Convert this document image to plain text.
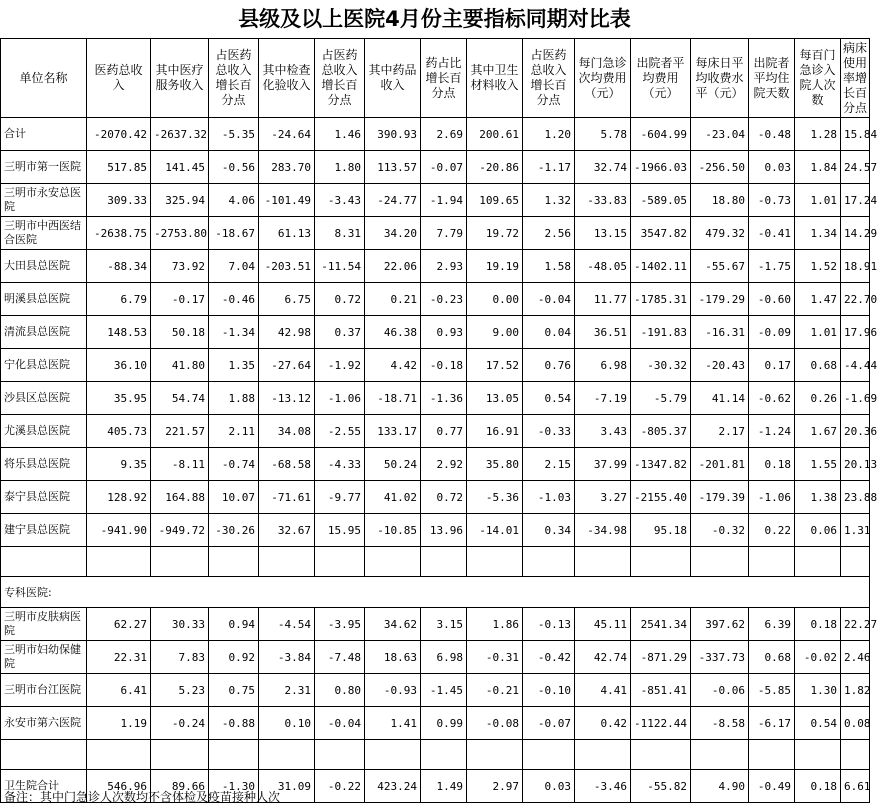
县级及以上医院4月份主要指标同期对比表
单位名称	医药总收入	其中医疗服务收入	占医药总收入增长百分点	其中检查化验收入	占医药总收入增长百分点	其中药品收入	药占比增长百分点	其中卫生材料收入	占医药总收入增长百分点	每门急诊次均费用（元）	出院者平均费用（元）	每床日平均收费水平（元）	出院者平均住院天数	每百门急诊入院人次数	病床使用率增长百分点
合计	-2070.42	-2637.32	-5.35	-24.64	1.46	390.93	2.69	200.61	1.20	5.78	-604.99	-23.04	-0.48	1.28	15.84
三明市第一医院	517.85	141.45	-0.56	283.70	1.80	113.57	-0.07	-20.86	-1.17	32.74	-1966.03	-256.50	0.03	1.84	24.57
三明市永安总医院	309.33	325.94	4.06	-101.49	-3.43	-24.77	-1.94	109.65	1.32	-33.83	-589.05	18.80	-0.73	1.01	17.24
三明市中西医结合医院	-2638.75	-2753.80	-18.67	61.13	8.31	34.20	7.79	19.72	2.56	13.15	3547.82	479.32	-0.41	1.34	14.29
大田县总医院	-88.34	73.92	7.04	-203.51	-11.54	22.06	2.93	19.19	1.58	-48.05	-1402.11	-55.67	-1.75	1.52	18.91
明溪县总医院	6.79	-0.17	-0.46	6.75	0.72	0.21	-0.23	0.00	-0.04	11.77	-1785.31	-179.29	-0.60	1.47	22.70
清流县总医院	148.53	50.18	-1.34	42.98	0.37	46.38	0.93	9.00	0.04	36.51	-191.83	-16.31	-0.09	1.01	17.96
宁化县总医院	36.10	41.80	1.35	-27.64	-1.92	4.42	-0.18	17.52	0.76	6.98	-30.32	-20.43	0.17	0.68	-4.44
沙县区总医院	35.95	54.74	1.88	-13.12	-1.06	-18.71	-1.36	13.05	0.54	-7.19	-5.79	41.14	-0.62	0.26	-1.69
尤溪县总医院	405.73	221.57	2.11	34.08	-2.55	133.17	0.77	16.91	-0.33	3.43	-805.37	2.17	-1.24	1.67	20.36
将乐县总医院	9.35	-8.11	-0.74	-68.58	-4.33	50.24	2.92	35.80	2.15	37.99	-1347.82	-201.81	0.18	1.55	20.13
泰宁县总医院	128.92	164.88	10.07	-71.61	-9.77	41.02	0.72	-5.36	-1.03	3.27	-2155.40	-179.39	-1.06	1.38	23.88
建宁县总医院	-941.90	-949.72	-30.26	32.67	15.95	-10.85	13.96	-14.01	0.34	-34.98	95.18	-0.32	0.22	0.06	1.31

专科医院:															
三明市皮肤病医院	62.27	30.33	0.94	-4.54	-3.95	34.62	3.15	1.86	-0.13	45.11	2541.34	397.62	6.39	0.18	22.27
三明市妇幼保健院	22.31	7.83	0.92	-3.84	-7.48	18.63	6.98	-0.31	-0.42	42.74	-871.29	-337.73	0.68	-0.02	2.46
三明市台江医院	6.41	5.23	0.75	2.31	0.80	-0.93	-1.45	-0.21	-0.10	4.41	-851.41	-0.06	-5.85	1.30	1.82
永安市第六医院	1.19	-0.24	-0.88	0.10	-0.04	1.41	0.99	-0.08	-0.07	0.42	-1122.44	-8.58	-6.17	0.54	0.08

卫生院合计	546.96	89.66	-1.30	31.09	-0.22	423.24	1.49	2.97	0.03	-3.46	-55.82	4.90	-0.49	0.18	6.61
备注：其中门急诊人次数均不含体检及疫苗接种人次
